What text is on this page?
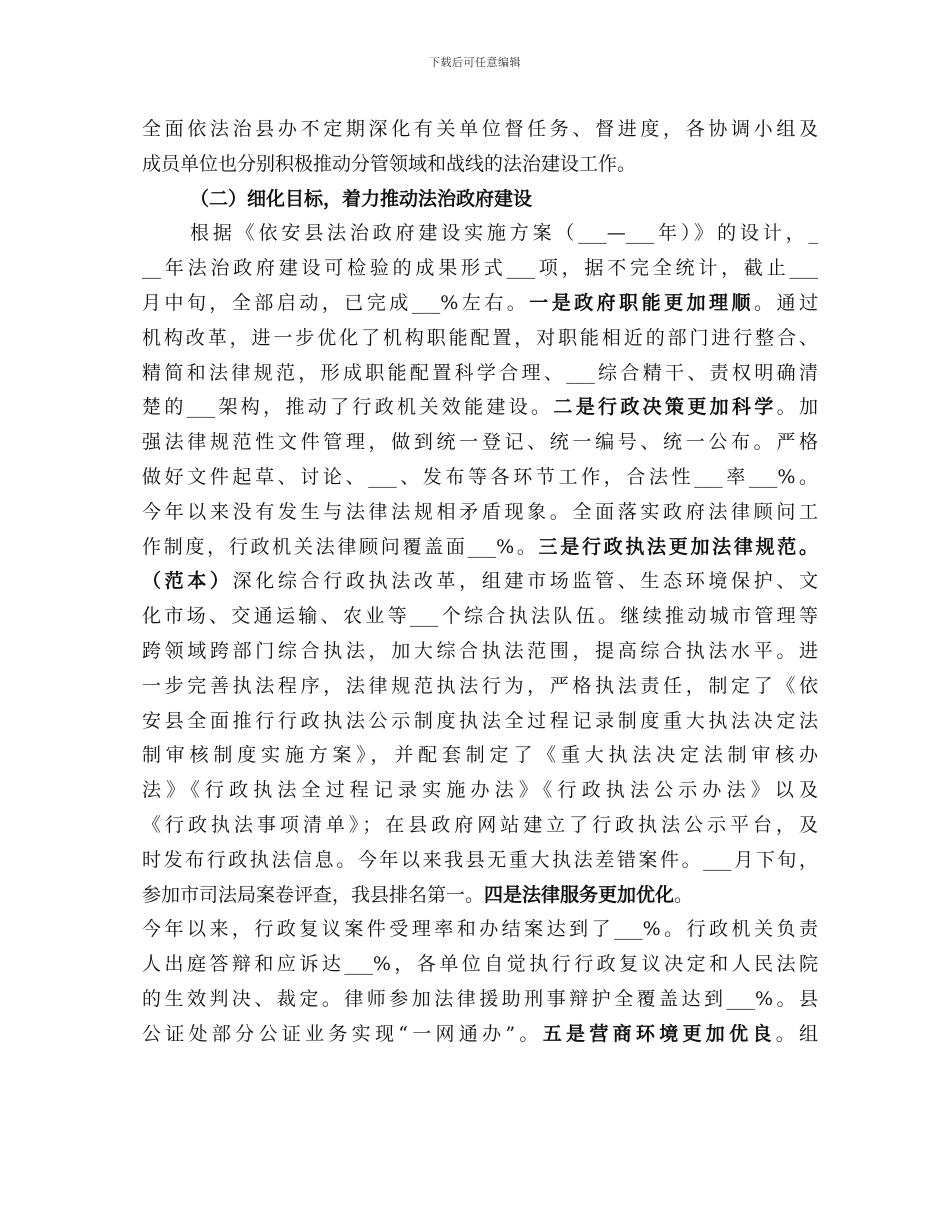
下载后可任意编辑
全面依法治县办不定期深化有关单位督任务、督进度，各协调小组及
成员单位也分别积极推动分管领域和战线的法治建设工作。
（二）细化目标，着力推动法治政府建设
根据《依安县法治政府建设实施方案（___—___年）》的设计，_
__年法治政府建设可检验的成果形式___项，据不完全统计，截止___
月中旬，全部启动，已完成___%左右。一是政府职能更加理顺。通过
机构改革，进一步优化了机构职能配置，对职能相近的部门进行整合、
精简和法律规范，形成职能配置科学合理、___综合精干、责权明确清
楚的___架构，推动了行政机关效能建设。二是行政决策更加科学。加
强法律规范性文件管理，做到统一登记、统一编号、统一公布。严格
做好文件起草、讨论、___、发布等各环节工作，合法性___率___%。
今年以来没有发生与法律法规相矛盾现象。全面落实政府法律顾问工
作制度，行政机关法律顾问覆盖面___%。三是行政执法更加法律规范。
（范本）深化综合行政执法改革，组建市场监管、生态环境保护、文
化市场、交通运输、农业等___个综合执法队伍。继续推动城市管理等
跨领域跨部门综合执法，加大综合执法范围，提高综合执法水平。进
一步完善执法程序，法律规范执法行为，严格执法责任，制定了《依
安县全面推行行政执法公示制度执法全过程记录制度重大执法决定法
制审核制度实施方案》，并配套制定了《重大执法决定法制审核办
法》《行政执法全过程记录实施办法》《行政执法公示办法》以及
《行政执法事项清单》；在县政府网站建立了行政执法公示平台，及
时发布行政执法信息。今年以来我县无重大执法差错案件。___月下旬，
参加市司法局案卷评查，我县排名第一。四是法律服务更加优化。
今年以来，行政复议案件受理率和办结案达到了___%。行政机关负责
人出庭答辩和应诉达___%，各单位自觉执行行政复议决定和人民法院
的生效判决、裁定。律师参加法律援助刑事辩护全覆盖达到___%。县
公证处部分公证业务实现“一网通办”。五是营商环境更加优良。组
